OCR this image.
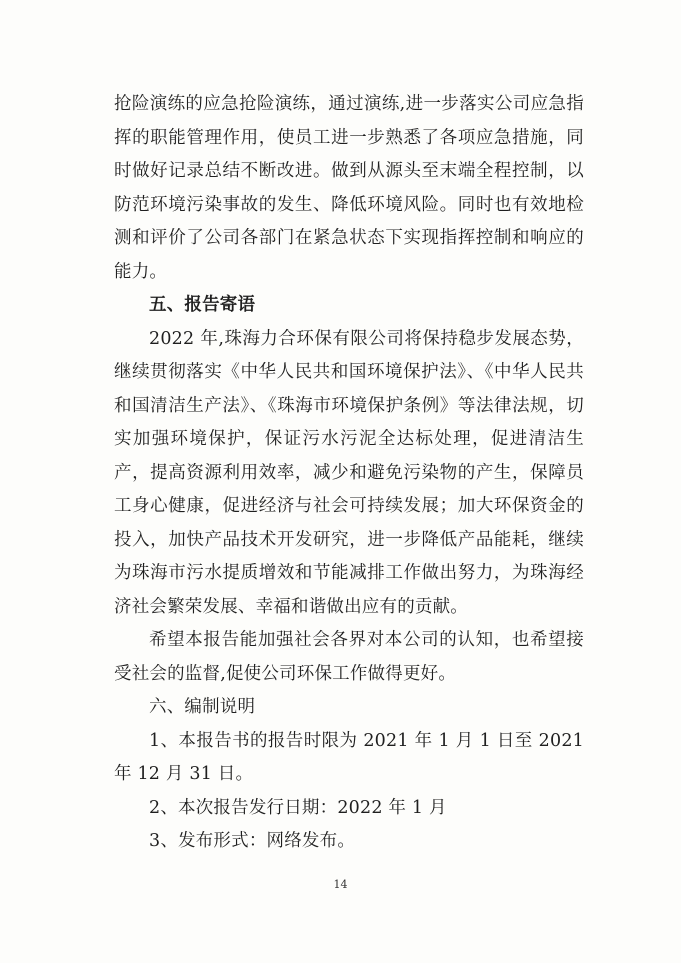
抢险演练的应急抢险演练，通过演练,进一步落实公司应急指挥的职能管理作用，使员工进一步熟悉了各项应急措施，同时做好记录总结不断改进。做到从源头至末端全程控制，以防范环境污染事故的发生、降低环境风险。同时也有效地检测和评价了公司各部门在紧急状态下实现指挥控制和响应的能力。

五、报告寄语

2022 年,珠海力合环保有限公司将保持稳步发展态势，继续贯彻落实《中华人民共和国环境保护法》、《中华人民共和国清洁生产法》、《珠海市环境保护条例》等法律法规，切实加强环境保护，保证污水污泥全达标处理，促进清洁生产，提高资源利用效率，减少和避免污染物的产生，保障员工身心健康，促进经济与社会可持续发展；加大环保资金的投入，加快产品技术开发研究，进一步降低产品能耗，继续为珠海市污水提质增效和节能减排工作做出努力，为珠海经济社会繁荣发展、幸福和谐做出应有的贡献。

希望本报告能加强社会各界对本公司的认知，也希望接受社会的监督,促使公司环保工作做得更好。

六、编制说明

1、本报告书的报告时限为 2021 年 1 月 1 日至 2021 年 12 月 31 日。

2、本次报告发行日期：2022 年 1 月

3、发布形式：网络发布。

14
